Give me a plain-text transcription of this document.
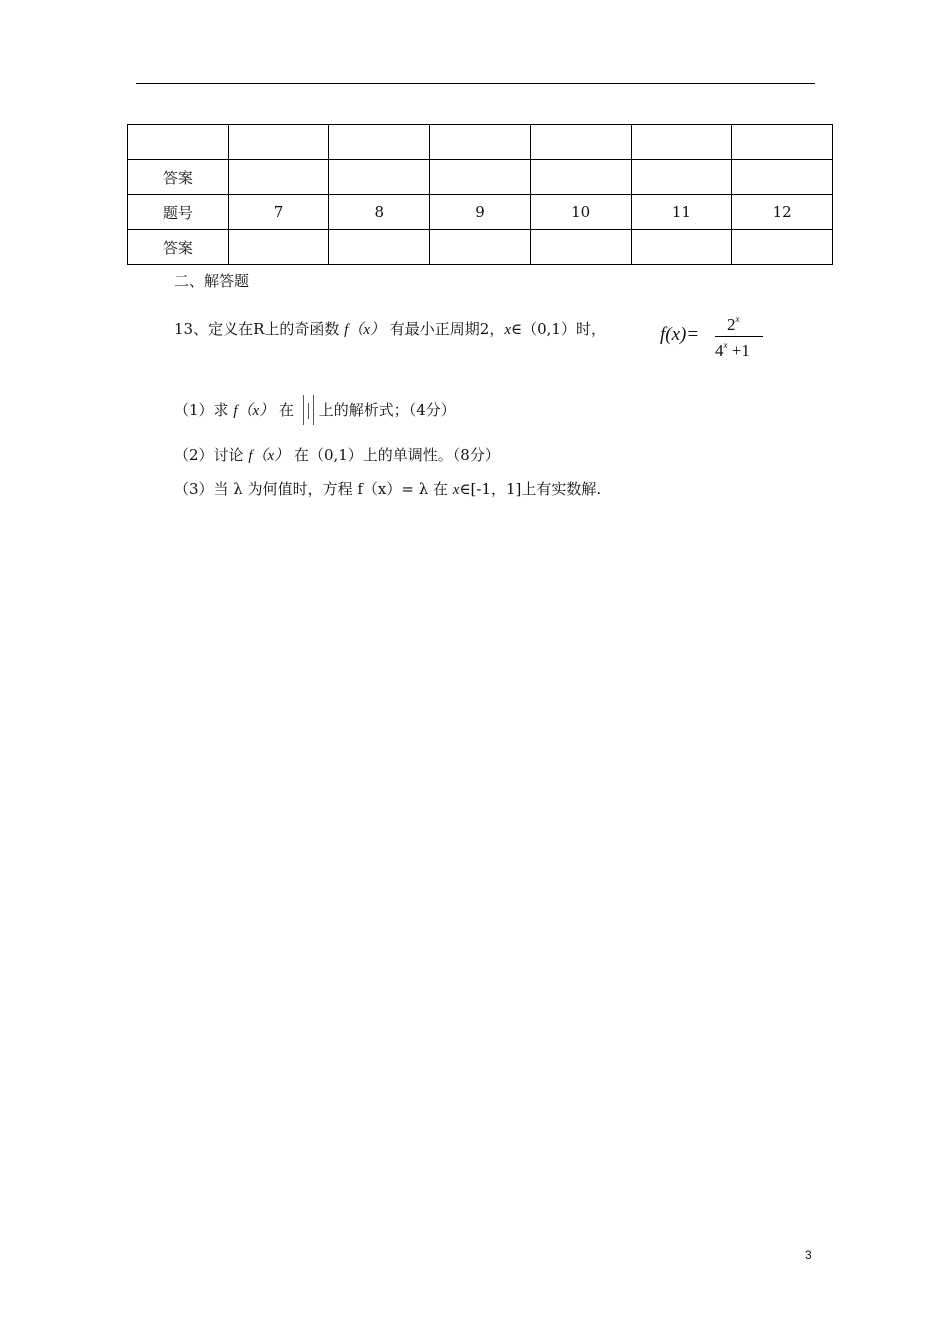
答案						
题号	7	8	9	10	11	12
答案						
二、解答题
13、定义在R上的奇函数 f（x） 有最小正周期2，x∈（0,1）时，	$f(x)= 2^x$
$4^x +1$
（1）求 f（x） 在 上的解析式；（4分）
（2）讨论 f（x） 在（0,1）上的单调性。（8分）
（3）当 λ 为何值时，方程 f（x）= λ 在 x∈[-1，1]上有实数解.
3
